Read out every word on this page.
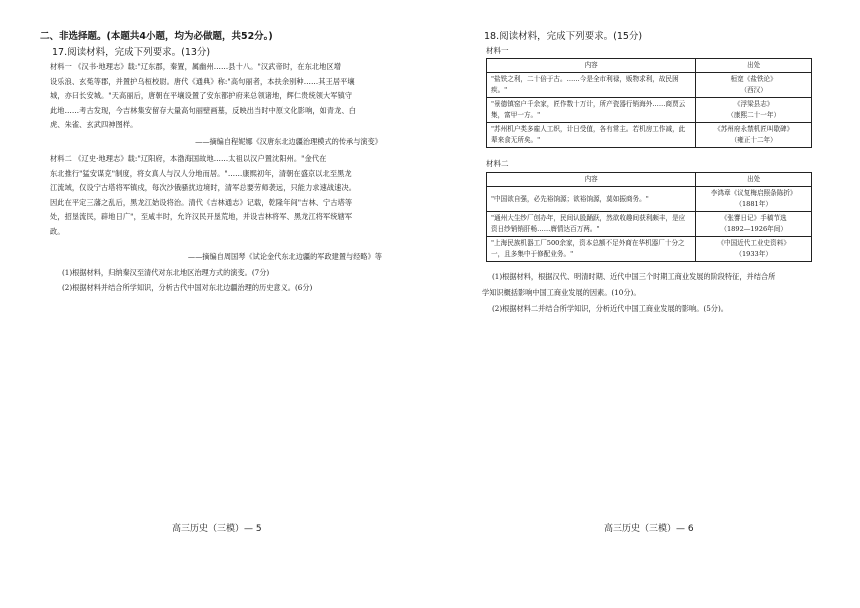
二、非选择题。(本题共4小题，均为必做题，共52分。)
17.阅读材料，完成下列要求。(13分)

材料一 《汉书·地理志》载:"辽东郡，秦置，属幽州……县十八。"汉武帝时，在东北地区增

设乐浪、玄菟等郡，并置护乌桓校尉。唐代《通典》称:"高句丽者，本扶余别种……其王居平壤

城，亦曰长安城。"天高丽后，唐朝在平壤设置了安东都护府来总领诸地，辉仁贵统领大军镇守

此地……考古发现，今吉林集安留存大量高句丽壁画墓，反映出当时中原文化影响，如青龙、白

虎、朱雀、玄武四神图样。

——摘编自程妮娜《汉唐东北边疆治理模式的传承与演变》

材料二 《辽史·地理志》载:"辽阳府，本渤海国故地……太祖以汉户置沈阳州。"金代在

东北推行"猛安谋克"制度，将女真人与汉人分地而居。"……康熙初年，清朝在盛京以北至黑龙

江流域，仅设宁古塔将军镇戍，每次沙俄骚扰边境时，清军总要劳师袭远，只能力求速战速决。

因此在平定三藩之乱后，黑龙江始设将治。清代《吉林通志》记载，乾隆年间"吉林、宁古塔等

处，招垦流民，辟地日广"，至咸丰时，允许汉民开垦荒地，并设吉林将军、黑龙江将军统辖军

政。

——摘编自周国琴《试论金代东北边疆的军政建置与经略》等
(1)根据材料，归纳秦汉至清代对东北地区治理方式的演变。(7分)
(2)根据材料并结合所学知识，分析古代中国对东北边疆治理的历史意义。(6分)
高三历史（三模）— 5
18.阅读材料，完成下列要求。(15分)
材料一
内容	出处
"盐铁之利，二十倍于古。……今是全市利禄，贩物求利，故民困疾。"	桓宽《盐铁论》
（西汉）
"景德镇窑户千余家，匠作数十万计，所产瓷器行销海外……商贾云集，富甲一方。"	《浮梁县志》
（康熙二十一年）
"苏州机户类多雇人工织，计日受值，各有常主。若机房工作减，此辈来食无所矣。"	《苏州府永禁机匠叫歇碑》
（雍正十二年）
材料二
内容	出处
"中国欲自强，必先裕饷源；欲裕饷源，莫如振商务。"	李鸿章《议复梅启照条陈折》
（1881年）
"通州大生纱厂创办年，民间认股踊跃，然欲收趣间获利颇丰，是应资日纱销销肝畅……膺情达百万两。"	《张謇日记》手稿节选
（1892—1926年间）
"上海民族机器工厂500余家，资本总额不足外商在华机器厂十分之一，且多集中于修配业务。"	《中国近代工业史资料》
（1933年）
(1)根据材料，根据汉代、明清时期、近代中国三个时期工商业发展的阶段特征，并结合所
学知识概括影响中国工商业发展的因素。(10分)。
(2)根据材料二并结合所学知识，分析近代中国工商业发展的影响。(5分)。
高三历史（三模）— 6
